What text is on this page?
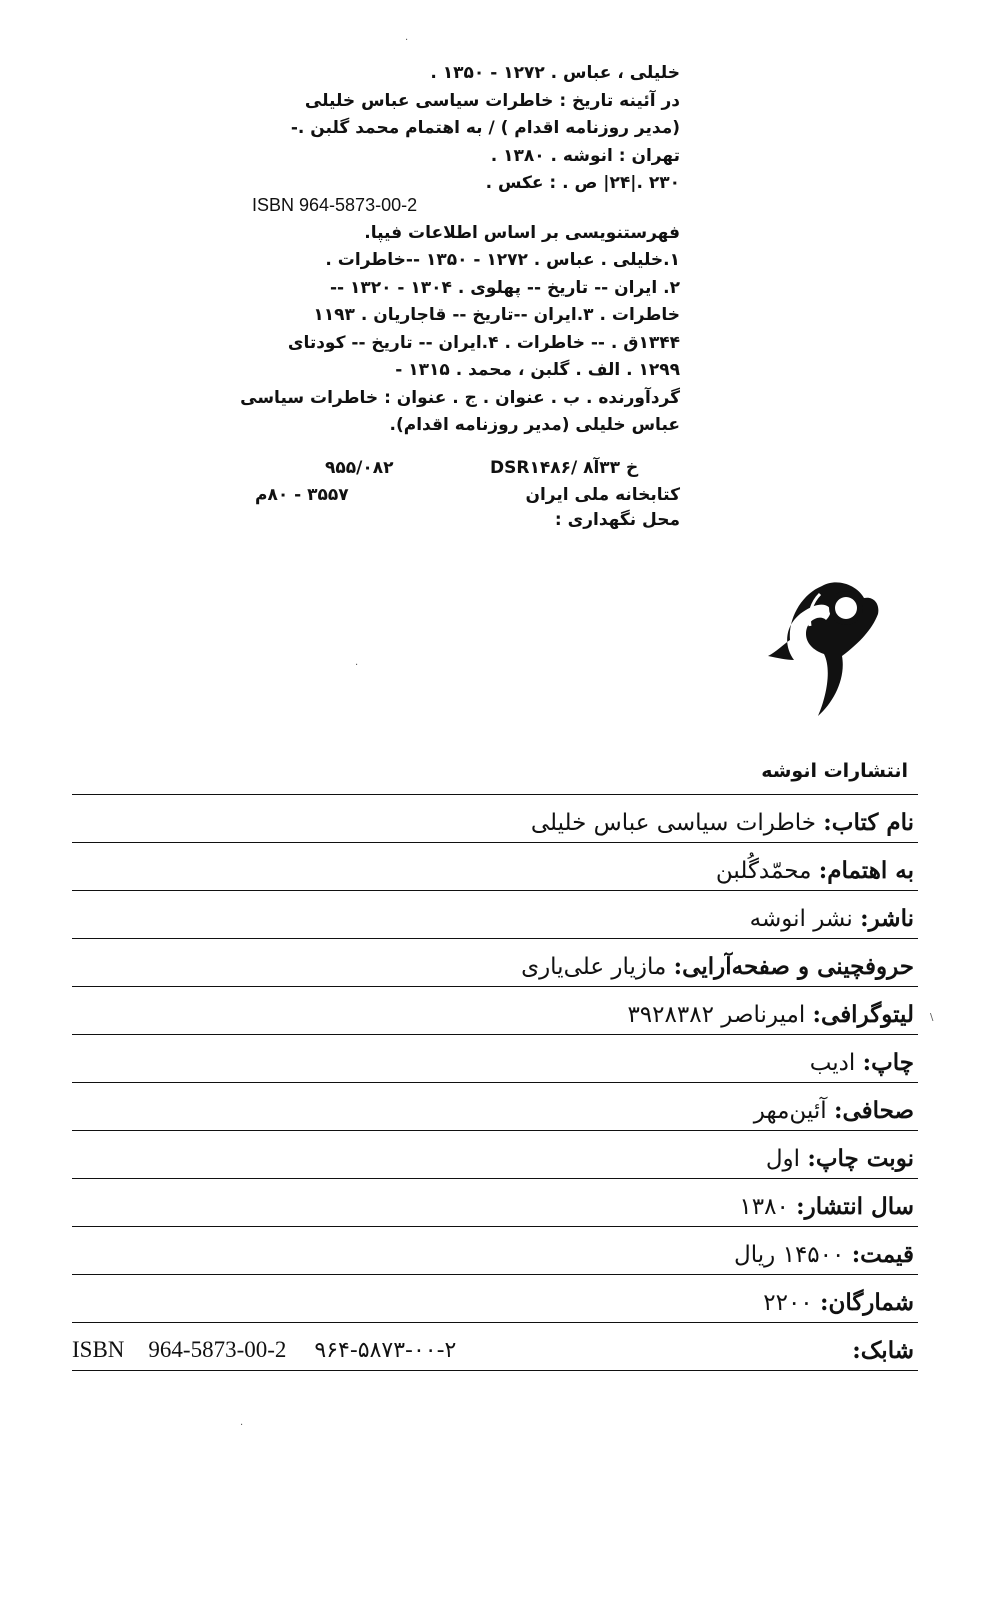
خلیلی ، عباس . ۱۲۷۲ - ۱۳۵۰ .
در آئینه تاریخ : خاطرات سیاسی عباس خلیلی
(مدیر روزنامه اقدام ) / به اهتمام محمد گلبن .-
تهران : انوشه . ۱۳۸۰ .
۲۳۰ .|۲۴| ص . : عکس .
فهرستنویسی بر اساس اطلاعات فیپا.
۱.خلیلی . عباس . ۱۲۷۲ - ۱۳۵۰ --خاطرات .
۲. ایران -- تاریخ -- پهلوی . ۱۳۰۴ - ۱۳۲۰ --
خاطرات . ۳.ایران --تاریخ -- قاجاریان . ۱۱۹۳
۱۳۴۴ق . -- خاطرات . ۴.ایران -- تاریخ -- کودتای
۱۲۹۹ . الف . گلبن ، محمد . ۱۳۱۵ -
گردآورنده . ب . عنوان . ج . عنوان : خاطرات سیاسی
عباس خلیلی (مدیر روزنامه اقدام).
ISBN 964-5873-00-2
DSR۱۴۸۶/ ۸خ ۳۳آ
۹۵۵/۰۸۲
کتابخانه ملی ایران
۳۵۵۷ - ۸۰م
محل نگهداری :
انتشارات انوشه
نام کتاب: خاطرات سیاسی عباس خلیلی
به اهتمام: محمّدگُلبن
ناشر: نشر انوشه
حروفچینی و صفحه‌آرایی: مازیار علی‌یاری
لیتوگرافی: امیرناصر ۳۹۲۸۳۸۲
چاپ: ادیب
صحافی: آئین‌مهر
نوبت چاپ: اول
سال انتشار: ۱۳۸۰
قیمت: ۱۴۵۰۰ ریال
شمارگان: ۲۲۰۰
شابک:
ISBN 964-5873-00-2 ۹۶۴-۵۸۷۳-۰۰-۲
·
·
\
·
